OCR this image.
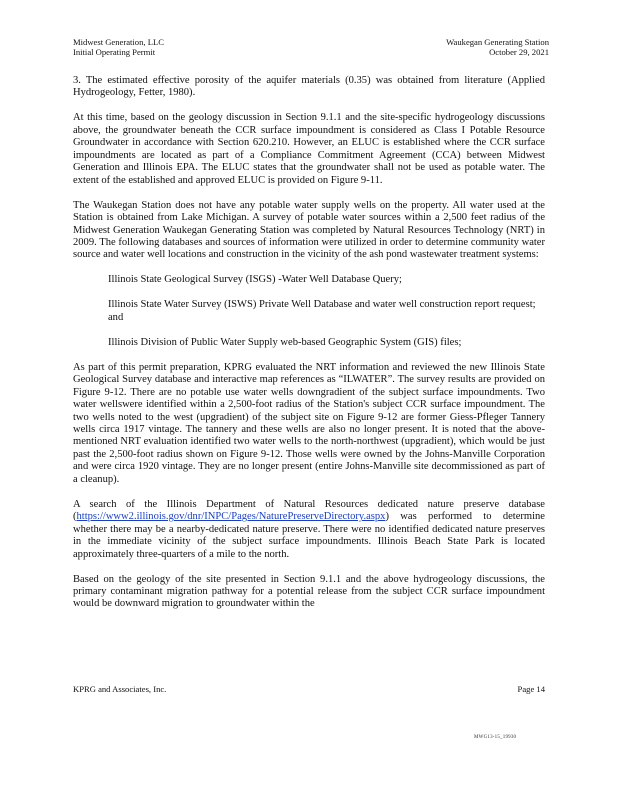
Midwest Generation, LLC
Initial Operating Permit
Waukegan Generating Station
October 29, 2021

3. The estimated effective porosity of the aquifer materials (0.35) was obtained from literature (Applied Hydrogeology, Fetter, 1980).

At this time, based on the geology discussion in Section 9.1.1 and the site-specific hydrogeology discussions above, the groundwater beneath the CCR surface impoundment is considered as Class I Potable Resource Groundwater in accordance with Section 620.210. However, an ELUC is established where the CCR surface impoundments are located as part of a Compliance Commitment Agreement (CCA) between Midwest Generation and Illinois EPA. The ELUC states that the groundwater shall not be used as potable water. The extent of the established and approved ELUC is provided on Figure 9-11.

The Waukegan Station does not have any potable water supply wells on the property. All water used at the Station is obtained from Lake Michigan. A survey of potable water sources within a 2,500 feet radius of the Midwest Generation Waukegan Generating Station was completed by Natural Resources Technology (NRT) in 2009. The following databases and sources of information were utilized in order to determine community water source and water well locations and construction in the vicinity of the ash pond wastewater treatment systems:

Illinois State Geological Survey (ISGS) -Water Well Database Query;

Illinois State Water Survey (ISWS) Private Well Database and water well construction report request; and

Illinois Division of Public Water Supply web-based Geographic System (GIS) files;

As part of this permit preparation, KPRG evaluated the NRT information and reviewed the new Illinois State Geological Survey database and interactive map references as “ILWATER”. The survey results are provided on Figure 9-12. There are no potable use water wells downgradient of the subject surface impoundments. Two water wellswere identified within a 2,500-foot radius of the Station's subject CCR surface impoundment. The two wells noted to the west (upgradient) of the subject site on Figure 9-12 are former Giess-Pfleger Tannery wells circa 1917 vintage. The tannery and these wells are also no longer present. It is noted that the above-mentioned NRT evaluation identified two water wells to the north-northwest (upgradient), which would be just past the 2,500-foot radius shown on Figure 9-12. Those wells were owned by the Johns-Manville Corporation and were circa 1920 vintage. They are no longer present (entire Johns-Manville site decommissioned as part of a cleanup).

A search of the Illinois Department of Natural Resources dedicated nature preserve database (https://www2.illinois.gov/dnr/INPC/Pages/NaturePreserveDirectory.aspx) was performed to determine whether there may be a nearby-dedicated nature preserve. There were no identified dedicated nature preserves in the immediate vicinity of the subject surface impoundments. Illinois Beach State Park is located approximately three-quarters of a mile to the north.

Based on the geology of the site presented in Section 9.1.1 and the above hydrogeology discussions, the primary contaminant migration pathway for a potential release from the subject CCR surface impoundment would be downward migration to groundwater within the

KPRG and Associates, Inc.	Page 14
MWG13-15_19930
